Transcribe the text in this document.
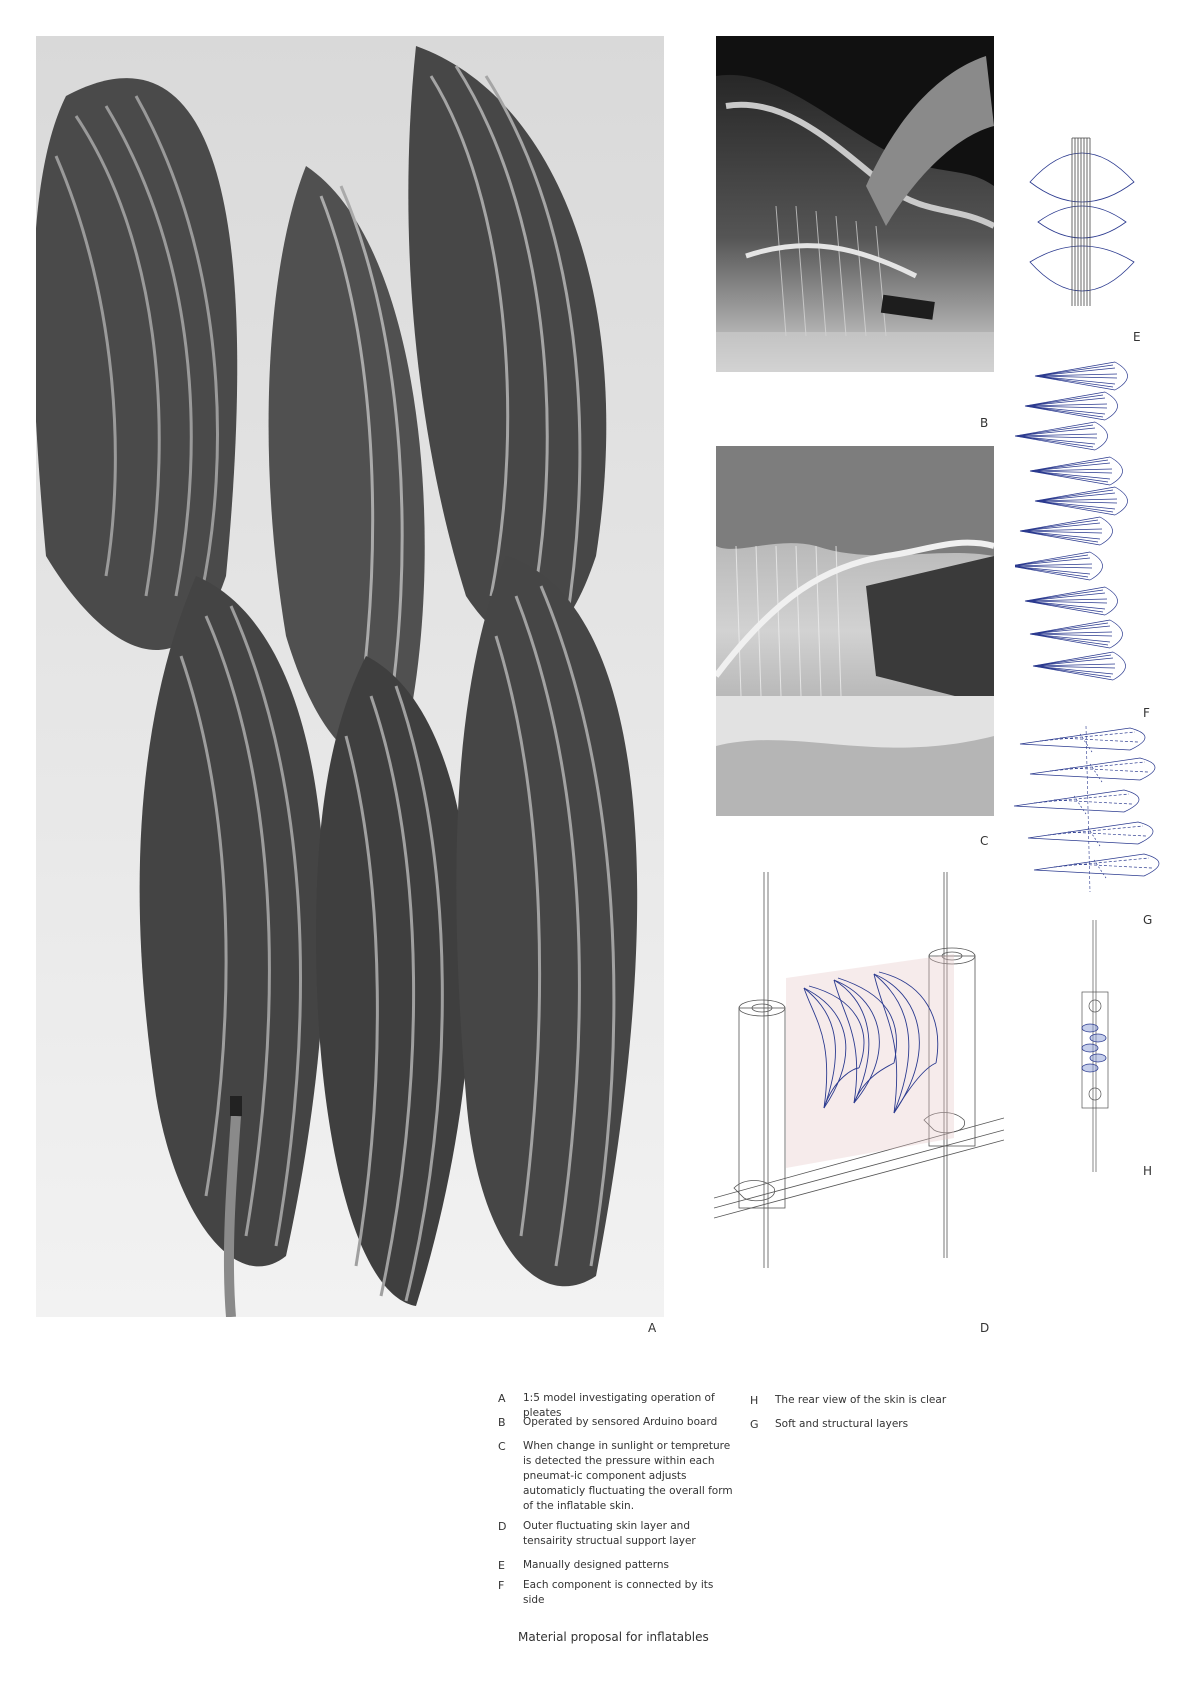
A
B
C
D
E
F
G
H
A 1:5 model investigating operation of pleates
B Operated by sensored Arduino board
C When change in sunlight or tempreture is detected the pressure within each pneumat-ic component adjusts automaticly fluctuating the overall form of the inflatable skin.
D Outer fluctuating skin layer and tensairity structual support layer
E Manually designed patterns
F Each component is connected by its side
H The rear view of the skin is clear
G Soft and structural layers
Material proposal for inflatables
